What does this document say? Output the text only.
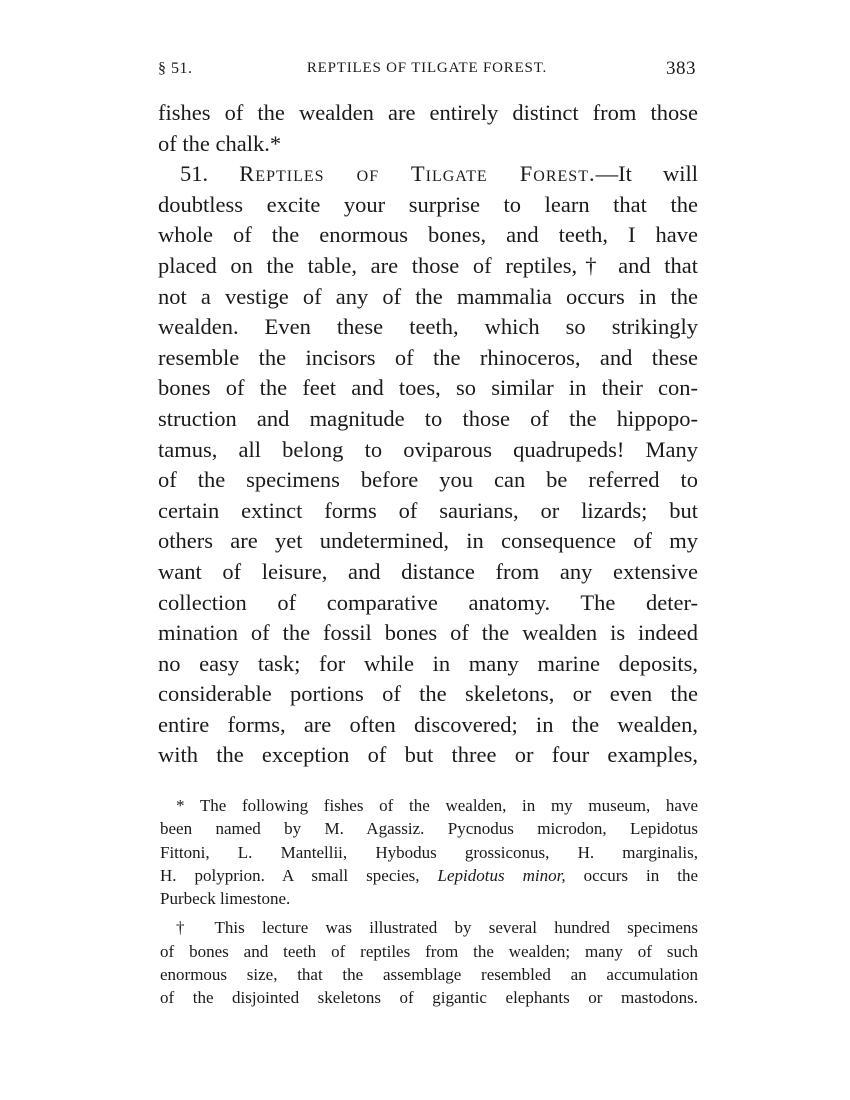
§ 51.	REPTILES OF TILGATE FOREST.	383
fishes of the wealden are entirely distinct from those
of the chalk.*
51. Reptiles of Tilgate Forest.—It will
doubtless excite your surprise to learn that the
whole of the enormous bones, and teeth, I have
placed on the table, are those of reptiles,† and that
not a vestige of any of the mammalia occurs in the
wealden. Even these teeth, which so strikingly
resemble the incisors of the rhinoceros, and these
bones of the feet and toes, so similar in their con-
struction and magnitude to those of the hippopo-
tamus, all belong to oviparous quadrupeds! Many
of the specimens before you can be referred to
certain extinct forms of saurians, or lizards; but
others are yet undetermined, in consequence of my
want of leisure, and distance from any extensive
collection of comparative anatomy. The deter-
mination of the fossil bones of the wealden is indeed
no easy task; for while in many marine deposits,
considerable portions of the skeletons, or even the
entire forms, are often discovered; in the wealden,
with the exception of but three or four examples,
* The following fishes of the wealden, in my museum, have
been named by M. Agassiz. Pycnodus microdon, Lepidotus
Fittoni, L. Mantellii, Hybodus grossiconus, H. marginalis,
H. polyprion. A small species, Lepidotus minor, occurs in the
Purbeck limestone.
† This lecture was illustrated by several hundred specimens
of bones and teeth of reptiles from the wealden; many of such
enormous size, that the assemblage resembled an accumulation
of the disjointed skeletons of gigantic elephants or mastodons.
